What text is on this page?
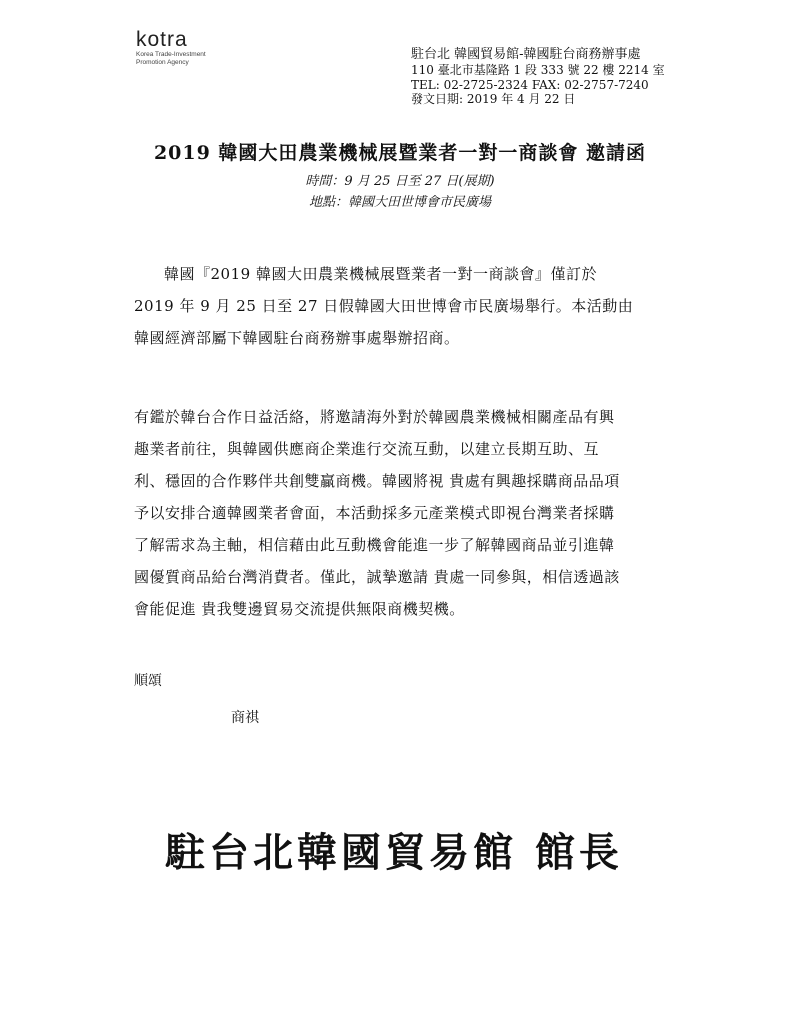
kotra
Korea Trade-Investment
Promotion Agency
駐台北 韓國貿易館-韓國駐台商務辦事處
110 臺北市基隆路 1 段 333 號 22 樓 2214 室
TEL: 02-2725-2324 FAX: 02-2757-7240
發文日期: 2019 年 4 月 22 日
2019 韓國大田農業機械展暨業者一對一商談會 邀請函
時間：9 月 25 日至 27 日(展期)
地點：韓國大田世博會市民廣場
韓國『2019 韓國大田農業機械展暨業者一對一商談會』僅訂於
2019 年 9 月 25 日至 27 日假韓國大田世博會市民廣場舉行。本活動由
韓國經濟部屬下韓國駐台商務辦事處舉辦招商。
有鑑於韓台合作日益活絡，將邀請海外對於韓國農業機械相關產品有興
趣業者前往，與韓國供應商企業進行交流互動，以建立長期互助、互
利、穩固的合作夥伴共創雙贏商機。韓國將視 貴處有興趣採購商品品項
予以安排合適韓國業者會面，本活動採多元產業模式即視台灣業者採購
了解需求為主軸，相信藉由此互動機會能進一步了解韓國商品並引進韓
國優質商品給台灣消費者。僅此，誠摯邀請 貴處一同參與，相信透過該
會能促進 貴我雙邊貿易交流提供無限商機契機。
順頌
商祺
駐台北韓國貿易館 館長
